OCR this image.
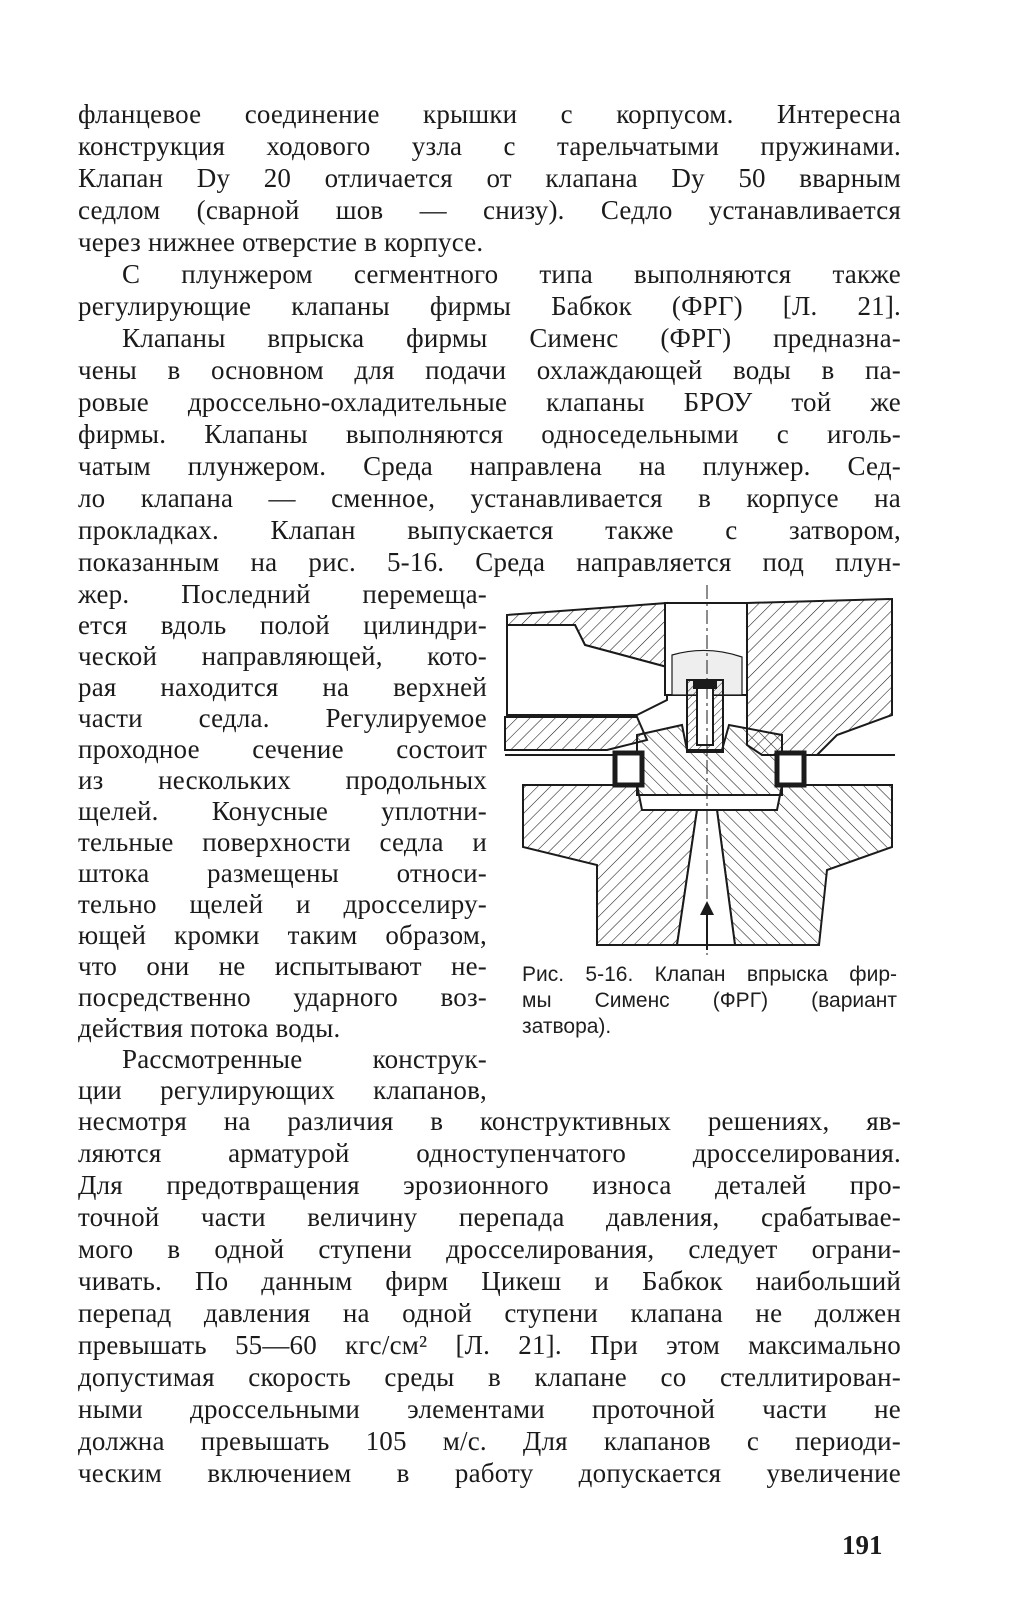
фланцевое соединение крышки с корпусом. Интересна
конструкция ходового узла с тарельчатыми пружинами.
Клапан Dy 20 отличается от клапана Dy 50 вварным
седлом (сварной шов — снизу). Седло устанавливается
через нижнее отверстие в корпусе.
С плунжером сегментного типа выполняются также
регулирующие клапаны фирмы Бабкок (ФРГ) [Л. 21].
Клапаны впрыска фирмы Сименс (ФРГ) предназна-
чены в основном для подачи охлаждающей воды в па-
ровые дроссельно-охладительные клапаны БРОУ той же
фирмы. Клапаны выполняются односедельными с иголь-
чатым плунжером. Среда направлена на плунжер. Сед-
ло клапана — сменное, устанавливается в корпусе на
прокладках. Клапан выпускается также с затвором,
показанным на рис. 5-16. Среда направляется под плун-
жер. Последний перемеща-
ется вдоль полой цилиндри-
ческой направляющей, кото-
рая находится на верхней
части седла. Регулируемое
проходное сечение состоит
из нескольких продольных
щелей. Конусные уплотни-
тельные поверхности седла и
штока размещены относи-
тельно щелей и дросселиру-
ющей кромки таким образом,
что они не испытывают не-
посредственно ударного воз-
действия потока воды.
Рассмотренные конструк-
ции регулирующих клапанов,
несмотря на различия в конструктивных решениях, яв-
ляются арматурой одноступенчатого дросселирования.
Для предотвращения эрозионного износа деталей про-
точной части величину перепада давления, срабатывае-
мого в одной ступени дросселирования, следует ограни-
чивать. По данным фирм Цикеш и Бабкок наибольший
перепад давления на одной ступени клапана не должен
превышать 55—60 кгс/см² [Л. 21]. При этом максимально
допустимая скорость среды в клапане со стеллитирован-
ными дроссельными элементами проточной части не
должна превышать 105 м/с. Для клапанов с периоди-
ческим включением в работу допускается увеличение
Рис. 5-16. Клапан впрыска фир-
мы Сименс (ФРГ) (вариант
затвора).
191
